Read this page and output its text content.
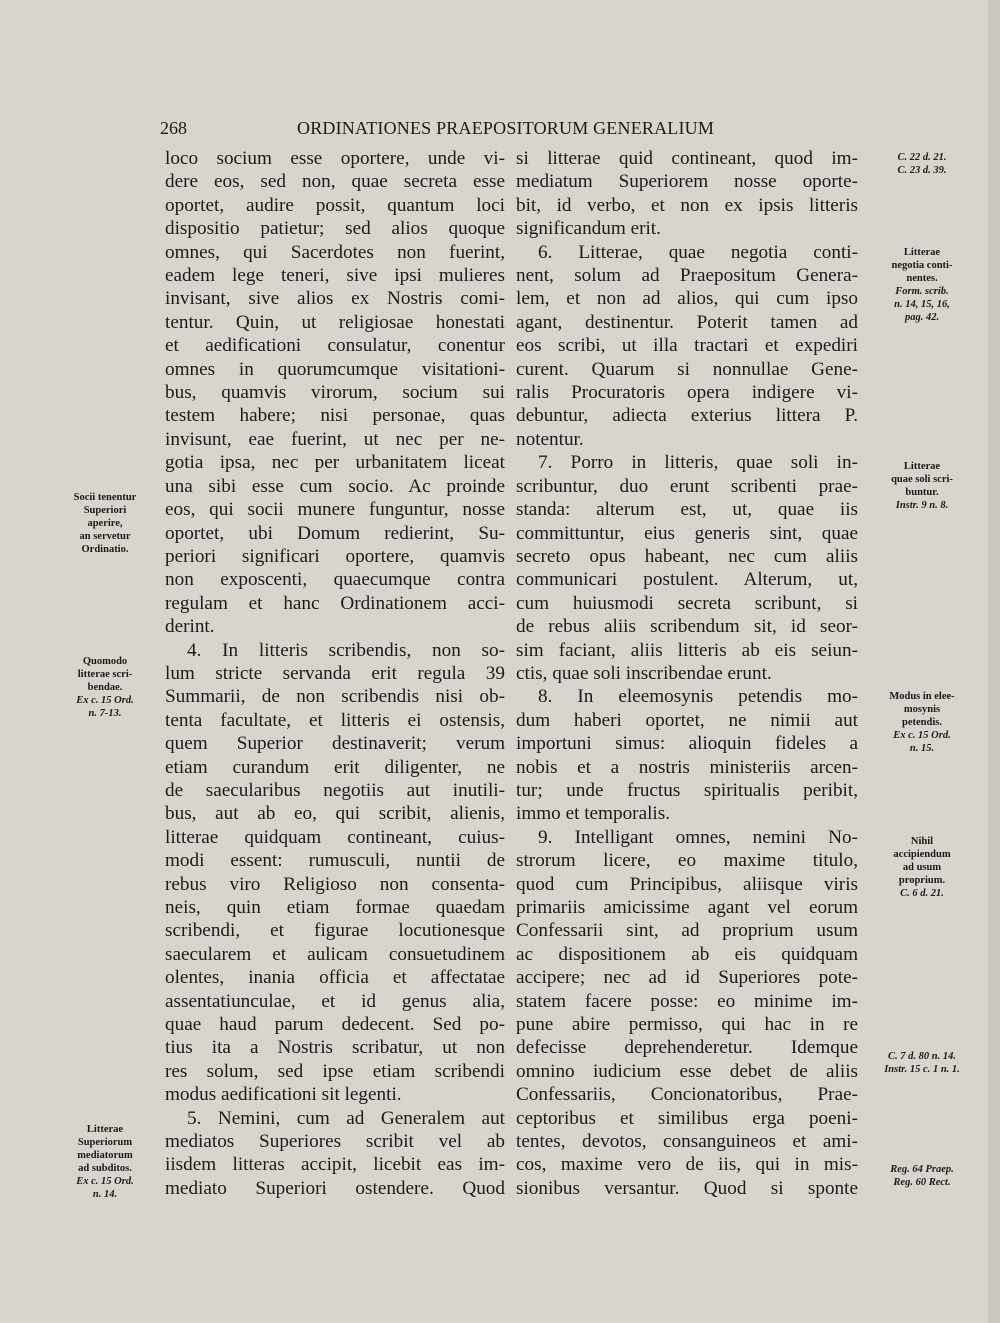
268	ORDINATIONES PRAEPOSITORUM GENERALIUM

loco socium esse oportere, unde vi-

dere eos, sed non, quae secreta esse

oportet, audire possit, quantum loci

dispositio patietur; sed alios quoque

omnes, qui Sacerdotes non fuerint,

eadem lege teneri, sive ipsi mulieres

invisant, sive alios ex Nostris comi-

tentur. Quin, ut religiosae honestati

et aedificationi consulatur, conentur

omnes in quorumcumque visitationi-

bus, quamvis virorum, socium sui

testem habere; nisi personae, quas

invisunt, eae fuerint, ut nec per ne-

gotia ipsa, nec per urbanitatem liceat

una sibi esse cum socio. Ac proinde

eos, qui socii munere funguntur, nosse

oportet, ubi Domum redierint, Su-

periori significari oportere, quamvis

non exposcenti, quaecumque contra

regulam et hanc Ordinationem acci-

derint.

4. In litteris scribendis, non so-

lum stricte servanda erit regula 39

Summarii, de non scribendis nisi ob-

tenta facultate, et litteris ei ostensis,

quem Superior destinaverit; verum

etiam curandum erit diligenter, ne

de saecularibus negotiis aut inutili-

bus, aut ab eo, qui scribit, alienis,

litterae quidquam contineant, cuius-

modi essent: rumusculi, nuntii de

rebus viro Religioso non consenta-

neis, quin etiam formae quaedam

scribendi, et figurae locutionesque

saecularem et aulicam consuetudinem

olentes, inania officia et affectatae

assentatiunculae, et id genus alia,

quae haud parum dedecent. Sed po-

tius ita a Nostris scribatur, ut non

res solum, sed ipse etiam scribendi

modus aedificationi sit legenti.

5. Nemini, cum ad Generalem aut

mediatos Superiores scribit vel ab

iisdem litteras accipit, licebit eas im-

mediato Superiori ostendere. Quod

si litterae quid contineant, quod im-

mediatum Superiorem nosse oporte-

bit, id verbo, et non ex ipsis litteris

significandum erit.

6. Litterae, quae negotia conti-

nent, solum ad Praepositum Genera-

lem, et non ad alios, qui cum ipso

agant, destinentur. Poterit tamen ad

eos scribi, ut illa tractari et expediri

curent. Quarum si nonnullae Gene-

ralis Procuratoris opera indigere vi-

debuntur, adiecta exterius littera P.

notentur.

7. Porro in litteris, quae soli in-

scribuntur, duo erunt scribenti prae-

standa: alterum est, ut, quae iis

committuntur, eius generis sint, quae

secreto opus habeant, nec cum aliis

communicari postulent. Alterum, ut,

cum huiusmodi secreta scribunt, si

de rebus aliis scribendum sit, id seor-

sim faciant, aliis litteris ab eis seiun-

ctis, quae soli inscribendae erunt.

8. In eleemosynis petendis mo-

dum haberi oportet, ne nimii aut

importuni simus: alioquin fideles a

nobis et a nostris ministeriis arcen-

tur; unde fructus spiritualis peribit,

immo et temporalis.

9. Intelligant omnes, nemini No-

strorum licere, eo maxime titulo,

quod cum Principibus, aliisque viris

primariis amicissime agant vel eorum

Confessarii sint, ad proprium usum

ac dispositionem ab eis quidquam

accipere; nec ad id Superiores pote-

statem facere posse: eo minime im-

pune abire permisso, qui hac in re

defecisse deprehenderetur. Idemque

omnino iudicium esse debet de aliis

Confessariis, Concionatoribus, Prae-

ceptoribus et similibus erga poeni-

tentes, devotos, consanguineos et ami-

cos, maxime vero de iis, qui in mis-

sionibus versantur. Quod si sponte

Socii tenentur
Superiori
aperire,
an servetur
Ordinatio.
Quomodo
litterae scri-
bendae.
Ex c. 15 Ord.
n. 7-13.
Litterae
Superiorum
mediatorum
ad subditos.
Ex c. 15 Ord.
n. 14.
C. 22 d. 21.
C. 23 d. 39.
Litterae
negotia conti-
nentes.
Form. scrib.
n. 14, 15, 16,
pag. 42.
Litterae
quae soli scri-
buntur.
Instr. 9 n. 8.
Modus in elee-
mosynis
petendis.
Ex c. 15 Ord.
n. 15.
Nihil
accipiendum
ad usum
proprium.
C. 6 d. 21.
C. 7 d. 80 n. 14.
Instr. 15 c. 1 n. 1.
Reg. 64 Praep.
Reg. 60 Rect.
